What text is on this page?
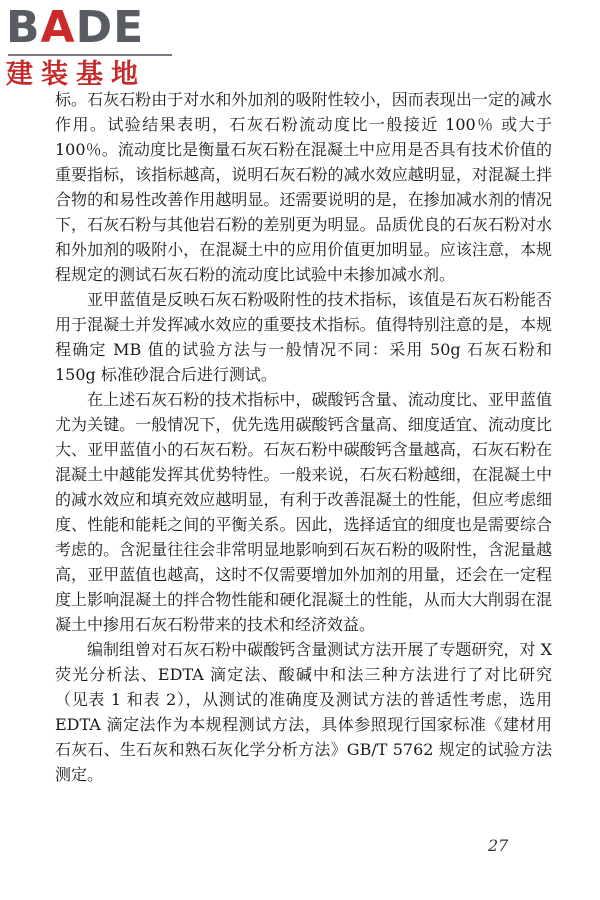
BADE
建装基地

标。石灰石粉由于对水和外加剂的吸附性较小，因而表现出一定的减水作用。试验结果表明，石灰石粉流动度比一般接近 100％ 或大于 100％。流动度比是衡量石灰石粉在混凝土中应用是否具有技术价值的重要指标，该指标越高，说明石灰石粉的减水效应越明显，对混凝土拌合物的和易性改善作用越明显。还需要说明的是，在掺加减水剂的情况下，石灰石粉与其他岩石粉的差别更为明显。品质优良的石灰石粉对水和外加剂的吸附小，在混凝土中的应用价值更加明显。应该注意，本规程规定的测试石灰石粉的流动度比试验中未掺加减水剂。

亚甲蓝值是反映石灰石粉吸附性的技术指标，该值是石灰石粉能否用于混凝土并发挥减水效应的重要技术指标。值得特别注意的是，本规程确定 MB 值的试验方法与一般情况不同：采用 50g 石灰石粉和 150g 标准砂混合后进行测试。

在上述石灰石粉的技术指标中，碳酸钙含量、流动度比、亚甲蓝值尤为关键。一般情况下，优先选用碳酸钙含量高、细度适宜、流动度比大、亚甲蓝值小的石灰石粉。石灰石粉中碳酸钙含量越高，石灰石粉在混凝土中越能发挥其优势特性。一般来说，石灰石粉越细，在混凝土中的减水效应和填充效应越明显，有利于改善混凝土的性能，但应考虑细度、性能和能耗之间的平衡关系。因此，选择适宜的细度也是需要综合考虑的。含泥量往往会非常明显地影响到石灰石粉的吸附性，含泥量越高，亚甲蓝值也越高，这时不仅需要增加外加剂的用量，还会在一定程度上影响混凝土的拌合物性能和硬化混凝土的性能，从而大大削弱在混凝土中掺用石灰石粉带来的技术和经济效益。

编制组曾对石灰石粉中碳酸钙含量测试方法开展了专题研究，对 X 荧光分析法、EDTA 滴定法、酸碱中和法三种方法进行了对比研究（见表 1 和表 2），从测试的准确度及测试方法的普适性考虑，选用 EDTA 滴定法作为本规程测试方法，具体参照现行国家标准《建材用石灰石、生石灰和熟石灰化学分析方法》GB/T 5762 规定的试验方法测定。

27
